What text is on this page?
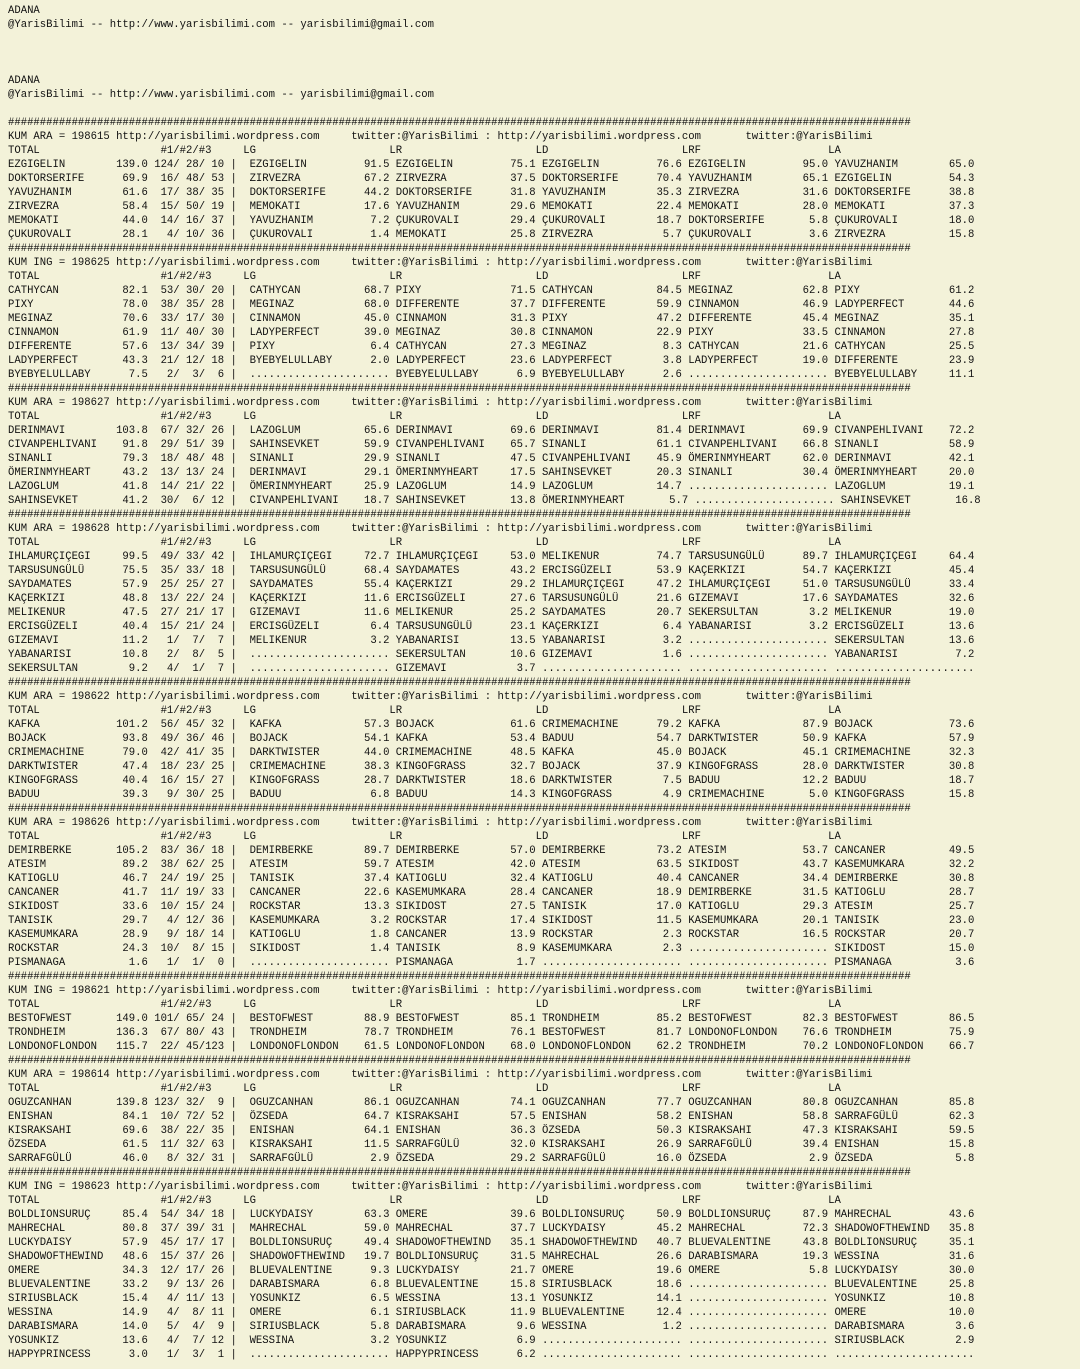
ADANA
@YarisBilimi -- http://www.yarisbilimi.com -- yarisbilimi@gmail.com
ADANA
@YarisBilimi -- http://www.yarisbilimi.com -- yarisbilimi@gmail.com
##############################################################################################################################################
KUM ARA = 198615 http://yarisbilimi.wordpress.com     twitter:@YarisBilimi : http://yarisbilimi.wordpress.com       twitter:@YarisBilimi
TOTAL                   #1/#2/#3     LG                     LR                     LD                     LRF                    LA
EZGIGELIN        139.0 124/ 28/ 10 |  EZGIGELIN         91.5 EZGIGELIN         75.1 EZGIGELIN         76.6 EZGIGELIN         95.0 YAVUZHANIM        65.0
DOKTORSERIFE      69.9  16/ 48/ 53 |  ZIRVEZRA          67.2 ZIRVEZRA          37.5 DOKTORSERIFE      70.4 YAVUZHANIM        65.1 EZGIGELIN         54.3
YAVUZHANIM        61.6  17/ 38/ 35 |  DOKTORSERIFE      44.2 DOKTORSERIFE      31.8 YAVUZHANIM        35.3 ZIRVEZRA          31.6 DOKTORSERIFE      38.8
ZIRVEZRA          58.4  15/ 50/ 19 |  MEMOKATI          17.6 YAVUZHANIM        29.6 MEMOKATI          22.4 MEMOKATI          28.0 MEMOKATI          37.3
MEMOKATI          44.0  14/ 16/ 37 |  YAVUZHANIM         7.2 ÇUKUROVALI        29.4 ÇUKUROVALI        18.7 DOKTORSERIFE       5.8 ÇUKUROVALI        18.0
ÇUKUROVALI        28.1   4/ 10/ 36 |  ÇUKUROVALI         1.4 MEMOKATI          25.8 ZIRVEZRA           5.7 ÇUKUROVALI         3.6 ZIRVEZRA          15.8
##############################################################################################################################################
KUM ING = 198625 http://yarisbilimi.wordpress.com     twitter:@YarisBilimi : http://yarisbilimi.wordpress.com       twitter:@YarisBilimi
TOTAL                   #1/#2/#3     LG                     LR                     LD                     LRF                    LA
CATHYCAN          82.1  53/ 30/ 20 |  CATHYCAN          68.7 PIXY              71.5 CATHYCAN          84.5 MEGINAZ           62.8 PIXY              61.2
PIXY              78.0  38/ 35/ 28 |  MEGINAZ           68.0 DIFFERENTE        37.7 DIFFERENTE        59.9 CINNAMON          46.9 LADYPERFECT       44.6
MEGINAZ           70.6  33/ 17/ 30 |  CINNAMON          45.0 CINNAMON          31.3 PIXY              47.2 DIFFERENTE        45.4 MEGINAZ           35.1
CINNAMON          61.9  11/ 40/ 30 |  LADYPERFECT       39.0 MEGINAZ           30.8 CINNAMON          22.9 PIXY              33.5 CINNAMON          27.8
DIFFERENTE        57.6  13/ 34/ 39 |  PIXY               6.4 CATHYCAN          27.3 MEGINAZ            8.3 CATHYCAN          21.6 CATHYCAN          25.5
LADYPERFECT       43.3  21/ 12/ 18 |  BYEBYELULLABY      2.0 LADYPERFECT       23.6 LADYPERFECT        3.8 LADYPERFECT       19.0 DIFFERENTE        23.9
BYEBYELULLABY      7.5   2/  3/  6 |  ...................... BYEBYELULLABY      6.9 BYEBYELULLABY      2.6 ...................... BYEBYELULLABY     11.1
##############################################################################################################################################
KUM ARA = 198627 http://yarisbilimi.wordpress.com     twitter:@YarisBilimi : http://yarisbilimi.wordpress.com       twitter:@YarisBilimi
TOTAL                   #1/#2/#3     LG                     LR                     LD                     LRF                    LA
DERINMAVI        103.8  67/ 32/ 26 |  LAZOGLUM          65.6 DERINMAVI         69.6 DERINMAVI         81.4 DERINMAVI         69.9 CIVANPEHLIVANI    72.2
CIVANPEHLIVANI    91.8  29/ 51/ 39 |  SAHINSEVKET       59.9 CIVANPEHLIVANI    65.7 SINANLI           61.1 CIVANPEHLIVANI    66.8 SINANLI           58.9
SINANLI           79.3  18/ 48/ 48 |  SINANLI           29.9 SINANLI           47.5 CIVANPEHLIVANI    45.9 ÖMERINMYHEART     62.0 DERINMAVI         42.1
ÖMERINMYHEART     43.2  13/ 13/ 24 |  DERINMAVI         29.1 ÖMERINMYHEART     17.5 SAHINSEVKET       20.3 SINANLI           30.4 ÖMERINMYHEART     20.0
LAZOGLUM          41.8  14/ 21/ 22 |  ÖMERINMYHEART     25.9 LAZOGLUM          14.9 LAZOGLUM          14.7 ...................... LAZOGLUM          19.1
SAHINSEVKET       41.2  30/  6/ 12 |  CIVANPEHLIVANI    18.7 SAHINSEVKET       13.8 ÖMERINMYHEART       5.7 ...................... SAHINSEVKET       16.8
##############################################################################################################################################
KUM ARA = 198628 http://yarisbilimi.wordpress.com     twitter:@YarisBilimi : http://yarisbilimi.wordpress.com       twitter:@YarisBilimi
TOTAL                   #1/#2/#3     LG                     LR                     LD                     LRF                    LA
IHLAMURÇIÇEGI     99.5  49/ 33/ 42 |  IHLAMURÇIÇEGI     72.7 IHLAMURÇIÇEGI     53.0 MELIKENUR         74.7 TARSUSUNGÜLÜ      89.7 IHLAMURÇIÇEGI     64.4
TARSUSUNGÜLÜ      75.5  35/ 33/ 18 |  TARSUSUNGÜLÜ      68.4 SAYDAMATES        43.2 ERCISGÜZELI       53.9 KAÇERKIZI         54.7 KAÇERKIZI         45.4
SAYDAMATES        57.9  25/ 25/ 27 |  SAYDAMATES        55.4 KAÇERKIZI         29.2 IHLAMURÇIÇEGI     47.2 IHLAMURÇIÇEGI     51.0 TARSUSUNGÜLÜ      33.4
KAÇERKIZI         48.8  13/ 22/ 24 |  KAÇERKIZI         11.6 ERCISGÜZELI       27.6 TARSUSUNGÜLÜ      21.6 GIZEMAVI          17.6 SAYDAMATES        32.6
MELIKENUR         47.5  27/ 21/ 17 |  GIZEMAVI          11.6 MELIKENUR         25.2 SAYDAMATES        20.7 SEKERSULTAN        3.2 MELIKENUR         19.0
ERCISGÜZELI       40.4  15/ 21/ 24 |  ERCISGÜZELI        6.4 TARSUSUNGÜLÜ      23.1 KAÇERKIZI          6.4 YABANARISI         3.2 ERCISGÜZELI       13.6
GIZEMAVI          11.2   1/  7/  7 |  MELIKENUR          3.2 YABANARISI        13.5 YABANARISI         3.2 ...................... SEKERSULTAN       13.6
YABANARISI        10.8   2/  8/  5 |  ...................... SEKERSULTAN       10.6 GIZEMAVI           1.6 ...................... YABANARISI         7.2
SEKERSULTAN        9.2   4/  1/  7 |  ...................... GIZEMAVI           3.7 ...................... ...................... ......................
##############################################################################################################################################
KUM ARA = 198622 http://yarisbilimi.wordpress.com     twitter:@YarisBilimi : http://yarisbilimi.wordpress.com       twitter:@YarisBilimi
TOTAL                   #1/#2/#3     LG                     LR                     LD                     LRF                    LA
KAFKA            101.2  56/ 45/ 32 |  KAFKA             57.3 BOJACK            61.6 CRIMEMACHINE      79.2 KAFKA             87.9 BOJACK            73.6
BOJACK            93.8  49/ 36/ 46 |  BOJACK            54.1 KAFKA             53.4 BADUU             54.7 DARKTWISTER       50.9 KAFKA             57.9
CRIMEMACHINE      79.0  42/ 41/ 35 |  DARKTWISTER       44.0 CRIMEMACHINE      48.5 KAFKA             45.0 BOJACK            45.1 CRIMEMACHINE      32.3
DARKTWISTER       47.4  18/ 23/ 25 |  CRIMEMACHINE      38.3 KINGOFGRASS       32.7 BOJACK            37.9 KINGOFGRASS       28.0 DARKTWISTER       30.8
KINGOFGRASS       40.4  16/ 15/ 27 |  KINGOFGRASS       28.7 DARKTWISTER       18.6 DARKTWISTER        7.5 BADUU             12.2 BADUU             18.7
BADUU             39.3   9/ 30/ 25 |  BADUU              6.8 BADUU             14.3 KINGOFGRASS        4.9 CRIMEMACHINE       5.0 KINGOFGRASS       15.8
##############################################################################################################################################
KUM ARA = 198626 http://yarisbilimi.wordpress.com     twitter:@YarisBilimi : http://yarisbilimi.wordpress.com       twitter:@YarisBilimi
TOTAL                   #1/#2/#3     LG                     LR                     LD                     LRF                    LA
DEMIRBERKE       105.2  83/ 36/ 18 |  DEMIRBERKE        89.7 DEMIRBERKE        57.0 DEMIRBERKE        73.2 ATESIM            53.7 CANCANER          49.5
ATESIM            89.2  38/ 62/ 25 |  ATESIM            59.7 ATESIM            42.0 ATESIM            63.5 SIKIDOST          43.7 KASEMUMKARA       32.2
KATIOGLU          46.7  24/ 19/ 25 |  TANISIK           37.4 KATIOGLU          32.4 KATIOGLU          40.4 CANCANER          34.4 DEMIRBERKE        30.8
CANCANER          41.7  11/ 19/ 33 |  CANCANER          22.6 KASEMUMKARA       28.4 CANCANER          18.9 DEMIRBERKE        31.5 KATIOGLU          28.7
SIKIDOST          33.6  10/ 15/ 24 |  ROCKSTAR          13.3 SIKIDOST          27.5 TANISIK           17.0 KATIOGLU          29.3 ATESIM            25.7
TANISIK           29.7   4/ 12/ 36 |  KASEMUMKARA        3.2 ROCKSTAR          17.4 SIKIDOST          11.5 KASEMUMKARA       20.1 TANISIK           23.0
KASEMUMKARA       28.9   9/ 18/ 14 |  KATIOGLU           1.8 CANCANER          13.9 ROCKSTAR           2.3 ROCKSTAR          16.5 ROCKSTAR          20.7
ROCKSTAR          24.3  10/  8/ 15 |  SIKIDOST           1.4 TANISIK            8.9 KASEMUMKARA        2.3 ...................... SIKIDOST          15.0
PISMANAGA          1.6   1/  1/  0 |  ...................... PISMANAGA          1.7 ...................... ...................... PISMANAGA          3.6
##############################################################################################################################################
KUM ING = 198621 http://yarisbilimi.wordpress.com     twitter:@YarisBilimi : http://yarisbilimi.wordpress.com       twitter:@YarisBilimi
TOTAL                   #1/#2/#3     LG                     LR                     LD                     LRF                    LA
BESTOFWEST       149.0 101/ 65/ 24 |  BESTOFWEST        88.9 BESTOFWEST        85.1 TRONDHEIM         85.2 BESTOFWEST        82.3 BESTOFWEST        86.5
TRONDHEIM        136.3  67/ 80/ 43 |  TRONDHEIM         78.7 TRONDHEIM         76.1 BESTOFWEST        81.7 LONDONOFLONDON    76.6 TRONDHEIM         75.9
LONDONOFLONDON   115.7  22/ 45/123 |  LONDONOFLONDON    61.5 LONDONOFLONDON    68.0 LONDONOFLONDON    62.2 TRONDHEIM         70.2 LONDONOFLONDON    66.7
##############################################################################################################################################
KUM ARA = 198614 http://yarisbilimi.wordpress.com     twitter:@YarisBilimi : http://yarisbilimi.wordpress.com       twitter:@YarisBilimi
TOTAL                   #1/#2/#3     LG                     LR                     LD                     LRF                    LA
OGUZCANHAN       139.8 123/ 32/  9 |  OGUZCANHAN        86.1 OGUZCANHAN        74.1 OGUZCANHAN        77.7 OGUZCANHAN        80.8 OGUZCANHAN        85.8
ENISHAN           84.1  10/ 72/ 52 |  ÖZSEDA            64.7 KISRAKSAHI        57.5 ENISHAN           58.2 ENISHAN           58.8 SARRAFGÜLÜ        62.3
KISRAKSAHI        69.6  38/ 22/ 35 |  ENISHAN           64.1 ENISHAN           36.3 ÖZSEDA            50.3 KISRAKSAHI        47.3 KISRAKSAHI        59.5
ÖZSEDA            61.5  11/ 32/ 63 |  KISRAKSAHI        11.5 SARRAFGÜLÜ        32.0 KISRAKSAHI        26.9 SARRAFGÜLÜ        39.4 ENISHAN           15.8
SARRAFGÜLÜ        46.0   8/ 32/ 31 |  SARRAFGÜLÜ         2.9 ÖZSEDA            29.2 SARRAFGÜLÜ        16.0 ÖZSEDA             2.9 ÖZSEDA             5.8
##############################################################################################################################################
KUM ING = 198623 http://yarisbilimi.wordpress.com     twitter:@YarisBilimi : http://yarisbilimi.wordpress.com       twitter:@YarisBilimi
TOTAL                   #1/#2/#3     LG                     LR                     LD                     LRF                    LA
BOLDLIONSURUÇ     85.4  54/ 34/ 18 |  LUCKYDAISY        63.3 OMERE             39.6 BOLDLIONSURUÇ     50.9 BOLDLIONSURUÇ     87.9 MAHRECHAL         43.6
MAHRECHAL         80.8  37/ 39/ 31 |  MAHRECHAL         59.0 MAHRECHAL         37.7 LUCKYDAISY        45.2 MAHRECHAL         72.3 SHADOWOFTHEWIND   35.8
LUCKYDAISY        57.9  45/ 17/ 17 |  BOLDLIONSURUÇ     49.4 SHADOWOFTHEWIND   35.1 SHADOWOFTHEWIND   40.7 BLUEVALENTINE     43.8 BOLDLIONSURUÇ     35.1
SHADOWOFTHEWIND   48.6  15/ 37/ 26 |  SHADOWOFTHEWIND   19.7 BOLDLIONSURUÇ     31.5 MAHRECHAL         26.6 DARABISMARA       19.3 WESSINA           31.6
OMERE             34.3  12/ 17/ 26 |  BLUEVALENTINE      9.3 LUCKYDAISY        21.7 OMERE             19.6 OMERE              5.8 LUCKYDAISY        30.0
BLUEVALENTINE     33.2   9/ 13/ 26 |  DARABISMARA        6.8 BLUEVALENTINE     15.8 SIRIUSBLACK       18.6 ...................... BLUEVALENTINE     25.8
SIRIUSBLACK       15.4   4/ 11/ 13 |  YOSUNKIZ           6.5 WESSINA           13.1 YOSUNKIZ          14.1 ...................... YOSUNKIZ          10.8
WESSINA           14.9   4/  8/ 11 |  OMERE              6.1 SIRIUSBLACK       11.9 BLUEVALENTINE     12.4 ...................... OMERE             10.0
DARABISMARA       14.0   5/  4/  9 |  SIRIUSBLACK        5.8 DARABISMARA        9.6 WESSINA            1.2 ...................... DARABISMARA        3.6
YOSUNKIZ          13.6   4/  7/ 12 |  WESSINA            3.2 YOSUNKIZ           6.9 ...................... ...................... SIRIUSBLACK        2.9
HAPPYPRINCESS      3.0   1/  3/  1 |  ...................... HAPPYPRINCESS      6.2 ...................... ...................... ......................
